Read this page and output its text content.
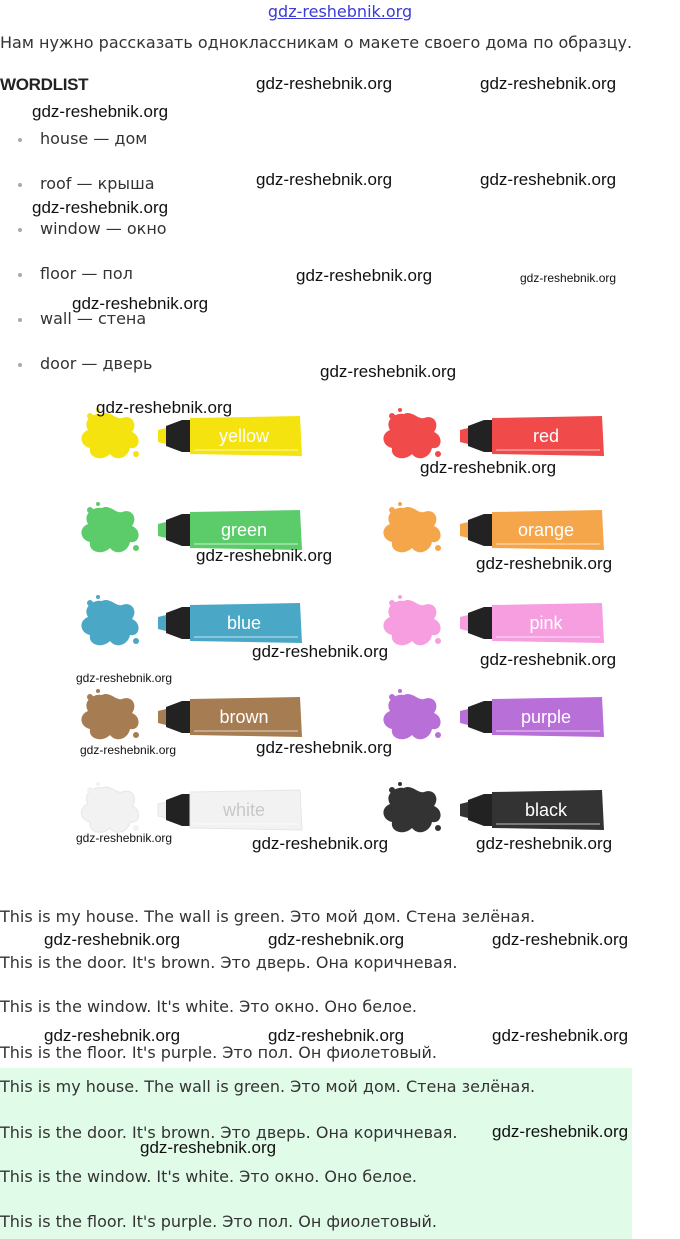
gdz-reshebnik.org
Нам нужно рассказать одноклассникам о макете своего дома по образцу.
WORDLIST
house — дом
roof — крыша
window — окно
floor — пол
wall — стена
door — дверь
yellow	red
green	orange
blue	pink
brown	purple
white	black
This is my house. The wall is green. Это мой дом. Стена зелёная.
This is the door. It's brown. Это дверь. Она коричневая.
This is the window. It's white. Это окно. Оно белое.
This is the floor. It's purple. Это пол. Он фиолетовый.
This is my house. The wall is green. Это мой дом. Стена зелёная.
This is the door. It's brown. Это дверь. Она коричневая.
This is the window. It's white. Это окно. Оно белое.
This is the floor. It's purple. Это пол. Он фиолетовый.
gdz-reshebnik.org	gdz-reshebnik.org
gdz-reshebnik.org
gdz-reshebnik.org	gdz-reshebnik.org
gdz-reshebnik.org
gdz-reshebnik.org	gdz-reshebnik.org
gdz-reshebnik.org
gdz-reshebnik.org
gdz-reshebnik.org
gdz-reshebnik.org
gdz-reshebnik.org	gdz-reshebnik.org
gdz-reshebnik.org	gdz-reshebnik.org
gdz-reshebnik.org
gdz-reshebnik.org	gdz-reshebnik.org
gdz-reshebnik.org	gdz-reshebnik.org	gdz-reshebnik.org
gdz-reshebnik.org	gdz-reshebnik.org	gdz-reshebnik.org
gdz-reshebnik.org	gdz-reshebnik.org	gdz-reshebnik.org
gdz-reshebnik.org
gdz-reshebnik.org
